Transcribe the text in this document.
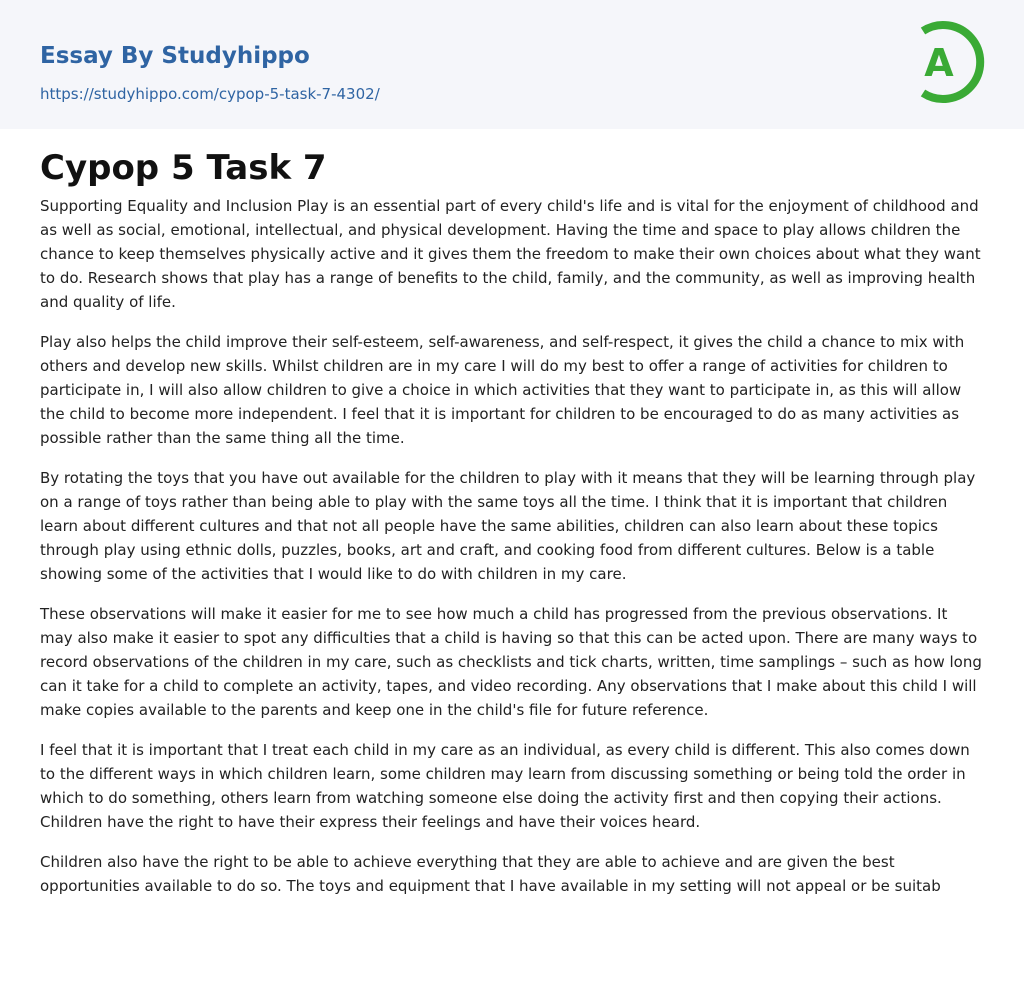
Essay By Studyhippo
https://studyhippo.com/cypop-5-task-7-4302/
A
Cypop 5 Task 7

Supporting Equality and Inclusion Play is an essential part of every child's life and is vital for the enjoyment of childhood and as well as social, emotional, intellectual, and physical development. Having the time and space to play allows children the chance to keep themselves physically active and it gives them the freedom to make their own choices about what they want to do. Research shows that play has a range of benefits to the child, family, and the community, as well as improving health and quality of life.

Play also helps the child improve their self-esteem, self-awareness, and self-respect, it gives the child a chance to mix with others and develop new skills. Whilst children are in my care I will do my best to offer a range of activities for children to participate in, I will also allow children to give a choice in which activities that they want to participate in, as this will allow the child to become more independent. I feel that it is important for children to be encouraged to do as many activities as possible rather than the same thing all the time.

By rotating the toys that you have out available for the children to play with it means that they will be learning through play on a range of toys rather than being able to play with the same toys all the time. I think that it is important that children learn about different cultures and that not all people have the same abilities, children can also learn about these topics through play using ethnic dolls, puzzles, books, art and craft, and cooking food from different cultures. Below is a table showing some of the activities that I would like to do with children in my care.

These observations will make it easier for me to see how much a child has progressed from the previous observations. It may also make it easier to spot any difficulties that a child is having so that this can be acted upon. There are many ways to record observations of the children in my care, such as checklists and tick charts, written, time samplings – such as how long can it take for a child to complete an activity, tapes, and video recording. Any observations that I make about this child I will make copies available to the parents and keep one in the child's file for future reference.

I feel that it is important that I treat each child in my care as an individual, as every child is different. This also comes down to the different ways in which children learn, some children may learn from discussing something or being told the order in which to do something, others learn from watching someone else doing the activity first and then copying their actions. Children have the right to have their express their feelings and have their voices heard.

Children also have the right to be able to achieve everything that they are able to achieve and are given the best opportunities available to do so. The toys and equipment that I have available in my setting will not appeal or be suitab
